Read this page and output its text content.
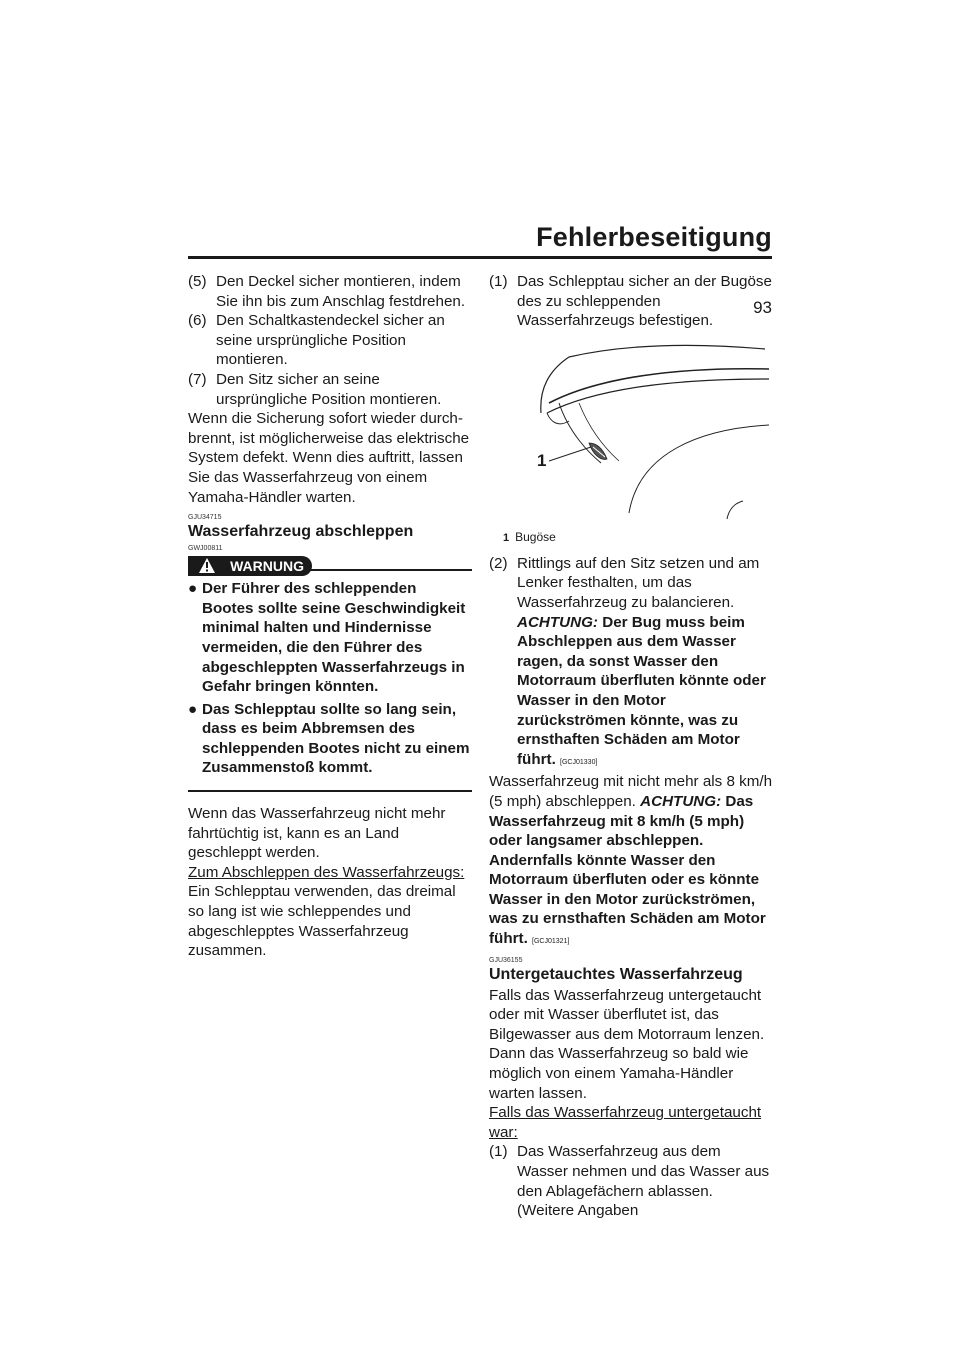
Fehlerbeseitigung
93
(5) Den Deckel sicher montieren, indem Sie ihn bis zum Anschlag festdrehen.
(6) Den Schaltkastendeckel sicher an seine ursprüngliche Position montieren.
(7) Den Sitz sicher an seine ursprüngliche Position montieren.
Wenn die Sicherung sofort wieder durchbrennt, ist möglicherweise das elektrische System defekt. Wenn dies auftritt, lassen Sie das Wasserfahrzeug von einem Yamaha-Händler warten.
GJU34715
Wasserfahrzeug abschleppen
GWJ00811
WARNUNG
● Der Führer des schleppenden Bootes sollte seine Geschwindigkeit minimal halten und Hindernisse vermeiden, die den Führer des abgeschleppten Wasserfahrzeugs in Gefahr bringen könnten.
● Das Schlepptau sollte so lang sein, dass es beim Abbremsen des schleppenden Bootes nicht zu einem Zusammenstoß kommt.
Wenn das Wasserfahrzeug nicht mehr fahrtüchtig ist, kann es an Land geschleppt werden.
Zum Abschleppen des Wasserfahrzeugs:
Ein Schlepptau verwenden, das dreimal so lang ist wie schleppendes und abgeschlepptes Wasserfahrzeug zusammen.
(1) Das Schlepptau sicher an der Bugöse des zu schleppenden Wasserfahrzeugs befestigen.
1
1 Bugöse
(2) Rittlings auf den Sitz setzen und am Lenker festhalten, um das Wasserfahrzeug zu balancieren. ACHTUNG: Der Bug muss beim Abschleppen aus dem Wasser ragen, da sonst Wasser den Motorraum überfluten könnte oder Wasser in den Motor zurückströmen könnte, was zu ernsthaften Schäden am Motor führt. [GCJ01330]
Wasserfahrzeug mit nicht mehr als 8 km/h (5 mph) abschleppen. ACHTUNG: Das Wasserfahrzeug mit 8 km/h (5 mph) oder langsamer abschleppen. Andernfalls könnte Wasser den Motorraum überfluten oder es könnte Wasser in den Motor zurückströmen, was zu ernsthaften Schäden am Motor führt. [GCJ01321]
GJU36155
Untergetauchtes Wasserfahrzeug
Falls das Wasserfahrzeug untergetaucht oder mit Wasser überflutet ist, das Bilgewasser aus dem Motorraum lenzen. Dann das Wasserfahrzeug so bald wie möglich von einem Yamaha-Händler warten lassen.
Falls das Wasserfahrzeug untergetaucht war:
(1) Das Wasserfahrzeug aus dem Wasser nehmen und das Wasser aus den Ablagefächern ablassen. (Weitere Angaben
